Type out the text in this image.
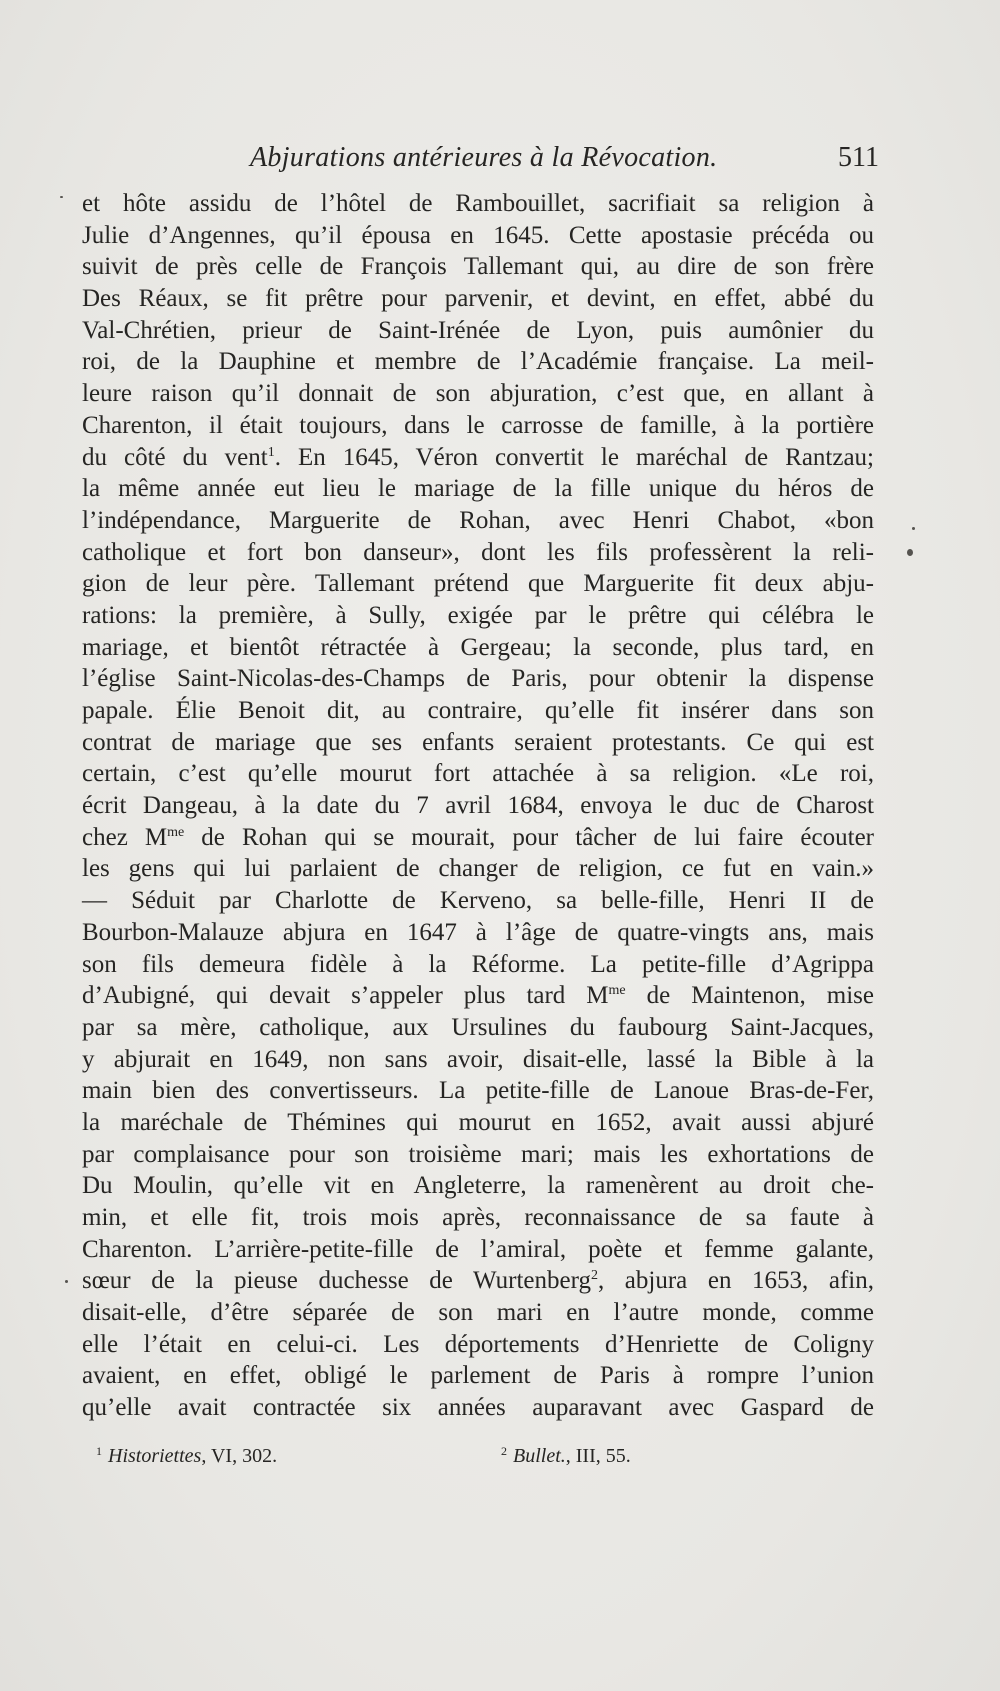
Abjurations antérieures à la Révocation.	511
et hôte assidu de l’hôtel de Rambouillet, sacrifiait sa religion à
Julie d’Angennes, qu’il épousa en 1645. Cette apostasie précéda ou
suivit de près celle de François Tallemant qui, au dire de son frère
Des Réaux, se fit prêtre pour parvenir, et devint, en effet, abbé du
Val-Chrétien, prieur de Saint-Irénée de Lyon, puis aumônier du
roi, de la Dauphine et membre de l’Académie française. La meil-
leure raison qu’il donnait de son abjuration, c’est que, en allant à
Charenton, il était toujours, dans le carrosse de famille, à la portière
du côté du vent$^1$. En 1645, Véron convertit le maréchal de Rantzau;
la même année eut lieu le mariage de la fille unique du héros de
l’indépendance, Marguerite de Rohan, avec Henri Chabot, «bon
catholique et fort bon danseur», dont les fils professèrent la reli-
gion de leur père. Tallemant prétend que Marguerite fit deux abju-
rations: la première, à Sully, exigée par le prêtre qui célébra le
mariage, et bientôt rétractée à Gergeau; la seconde, plus tard, en
l’église Saint-Nicolas-des-Champs de Paris, pour obtenir la dispense
papale. Élie Benoit dit, au contraire, qu’elle fit insérer dans son
contrat de mariage que ses enfants seraient protestants. Ce qui est
certain, c’est qu’elle mourut fort attachée à sa religion. «Le roi,
écrit Dangeau, à la date du 7 avril 1684, envoya le duc de Charost
chez $M^{me}$ de Rohan qui se mourait, pour tâcher de lui faire écouter
les gens qui lui parlaient de changer de religion, ce fut en vain.»
— Séduit par Charlotte de Kerveno, sa belle-fille, Henri II de
Bourbon-Malauze abjura en 1647 à l’âge de quatre-vingts ans, mais
son fils demeura fidèle à la Réforme. La petite-fille d’Agrippa
d’Aubigné, qui devait s’appeler plus tard $M^{me}$ de Maintenon, mise
par sa mère, catholique, aux Ursulines du faubourg Saint-Jacques,
y abjurait en 1649, non sans avoir, disait-elle, lassé la Bible à la
main bien des convertisseurs. La petite-fille de Lanoue Bras-de-Fer,
la maréchale de Thémines qui mourut en 1652, avait aussi abjuré
par complaisance pour son troisième mari; mais les exhortations de
Du Moulin, qu’elle vit en Angleterre, la ramenèrent au droit che-
min, et elle fit, trois mois après, reconnaissance de sa faute à
Charenton. L’arrière-petite-fille de l’amiral, poète et femme galante,
sœur de la pieuse duchesse de Wurtenberg$^2$, abjura en 1653, afin,
disait-elle, d’être séparée de son mari en l’autre monde, comme
elle l’était en celui-ci. Les déportements d’Henriette de Coligny
avaient, en effet, obligé le parlement de Paris à rompre l’union
qu’elle avait contractée six années auparavant avec Gaspard de
$^1$ Historiettes, VI, 302.	$^2$ Bullet., III, 55.
